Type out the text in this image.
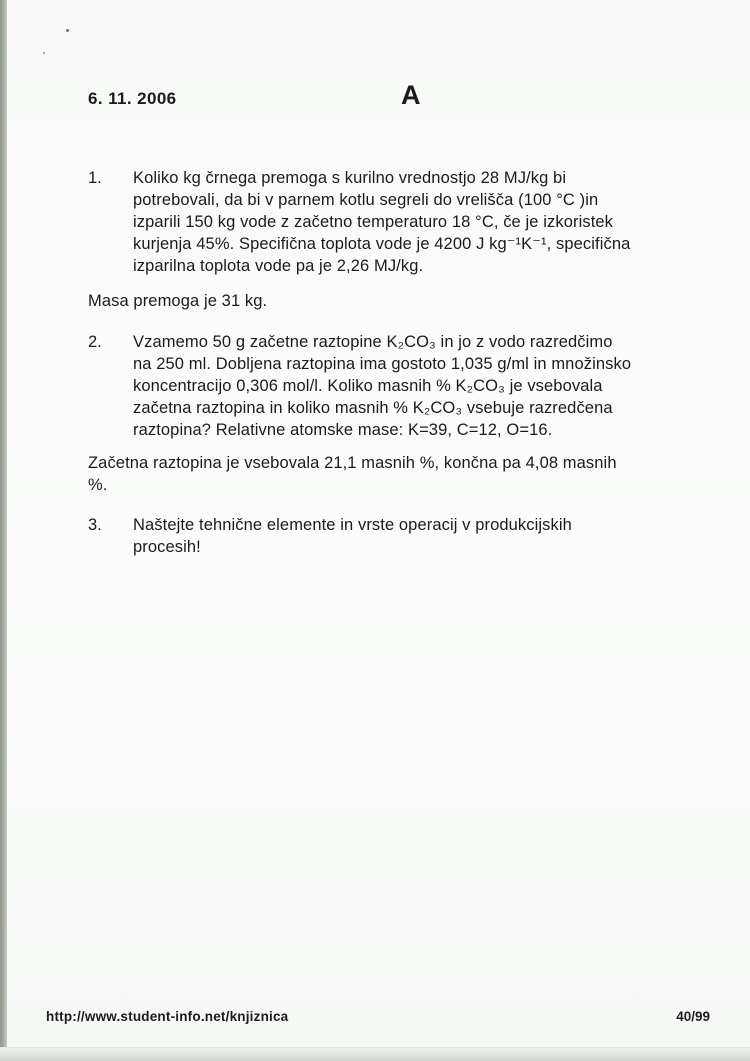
6. 11. 2006	A
1.	Koliko kg črnega premoga s kurilno vrednostjo 28 MJ/kg bi
potrebovali, da bi v parnem kotlu segreli do vrelišča (100 °C )in
izparili 150 kg vode z začetno temperaturo 18 °C, če je izkoristek
kurjenja 45%. Specifična toplota vode je 4200 J kg⁻¹K⁻¹, specifična
izparilna toplota vode pa je 2,26 MJ/kg.
Masa premoga je 31 kg.
2.	Vzamemo 50 g začetne raztopine K₂CO₃ in jo z vodo razredčimo
na 250 ml. Dobljena raztopina ima gostoto 1,035 g/ml in množinsko
koncentracijo 0,306 mol/l. Koliko masnih % K₂CO₃ je vsebovala
začetna raztopina in koliko masnih % K₂CO₃ vsebuje razredčena
raztopina? Relativne atomske mase: K=39, C=12, O=16.
Začetna raztopina je vsebovala 21,1 masnih %, končna pa 4,08 masnih
%.
3.	Naštejte tehnične elemente in vrste operacij v produkcijskih
procesih!
http://www.student-info.net/knjiznica	40/99
